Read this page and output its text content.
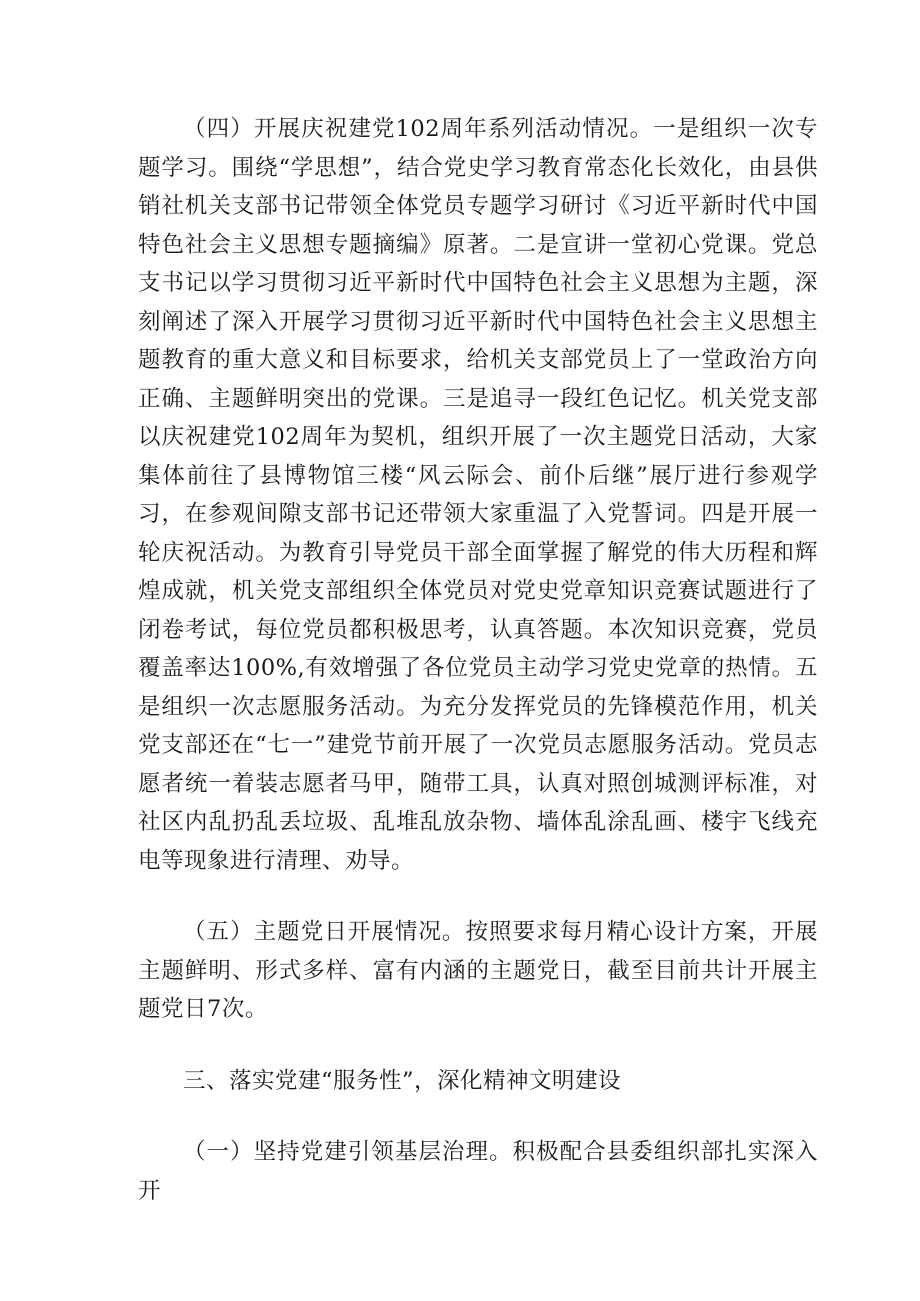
（四）开展庆祝建党102周年系列活动情况。一是组织一次专题学习。围绕“学思想”，结合党史学习教育常态化长效化，由县供销社机关支部书记带领全体党员专题学习研讨《习近平新时代中国特色社会主义思想专题摘编》原著。二是宣讲一堂初心党课。党总支书记以学习贯彻习近平新时代中国特色社会主义思想为主题，深刻阐述了深入开展学习贯彻习近平新时代中国特色社会主义思想主题教育的重大意义和目标要求，给机关支部党员上了一堂政治方向正确、主题鲜明突出的党课。三是追寻一段红色记忆。机关党支部以庆祝建党102周年为契机，组织开展了一次主题党日活动，大家集体前往了县博物馆三楼“风云际会、前仆后继”展厅进行参观学习，在参观间隙支部书记还带领大家重温了入党誓词。四是开展一轮庆祝活动。为教育引导党员干部全面掌握了解党的伟大历程和辉煌成就，机关党支部组织全体党员对党史党章知识竞赛试题进行了闭卷考试，每位党员都积极思考，认真答题。本次知识竞赛，党员覆盖率达100%,有效增强了各位党员主动学习党史党章的热情。五是组织一次志愿服务活动。为充分发挥党员的先锋模范作用，机关党支部还在“七一”建党节前开展了一次党员志愿服务活动。党员志愿者统一着装志愿者马甲，随带工具，认真对照创城测评标准，对社区内乱扔乱丢垃圾、乱堆乱放杂物、墙体乱涂乱画、楼宇飞线充电等现象进行清理、劝导。

（五）主题党日开展情况。按照要求每月精心设计方案，开展主题鲜明、形式多样、富有内涵的主题党日，截至目前共计开展主题党日7次。

三、落实党建“服务性”，深化精神文明建设

（一）坚持党建引领基层治理。积极配合县委组织部扎实深入开
